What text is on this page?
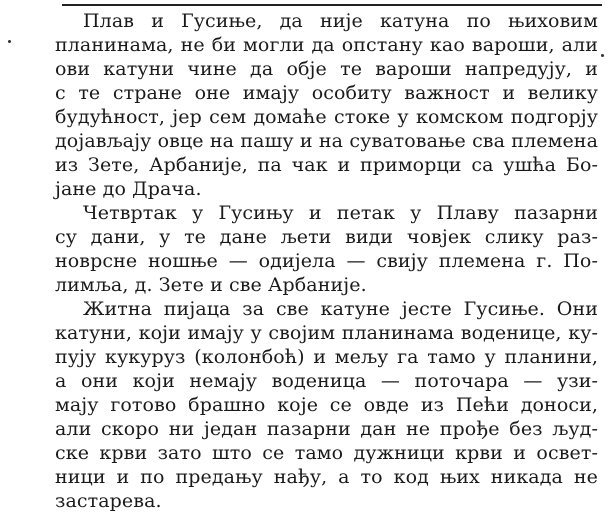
Плав и Гусиње, да није катуна по њиховим
планинама, не би могли да опстану као вароши, али
ови катуни чине да обје те вароши напредују, и
с те стране оне имају особиту важност и велику
будућност, јер сем домаће стоке у комском подгорју
дојављају овце на пашу и на суватовање сва племена
из Зете, Арбаније, па чак и приморци са ушћа Бо-
јане до Драча.
Четвртак у Гусињу и петак у Плаву пазарни
су дани, у те дане љети види човјек слику раз-
новрсне ношње — одијела — свију племена г. По-
лимља, д. Зете и све Арбаније.
Житна пијаца за све катуне јесте Гусиње. Они
катуни, који имају у својим планинама воденице, ку-
пују кукуруз (колонбоћ) и мељу га тамо у планини,
а они који немају воденица — поточара — узи-
мају готово брашно које се овде из Пећи доноси,
али скоро ни један пазарни дан не прође без људ-
ске крви зато што се тамо дужници крви и освет-
ници и по предању нађу, а то код њих никада не
застарева.
